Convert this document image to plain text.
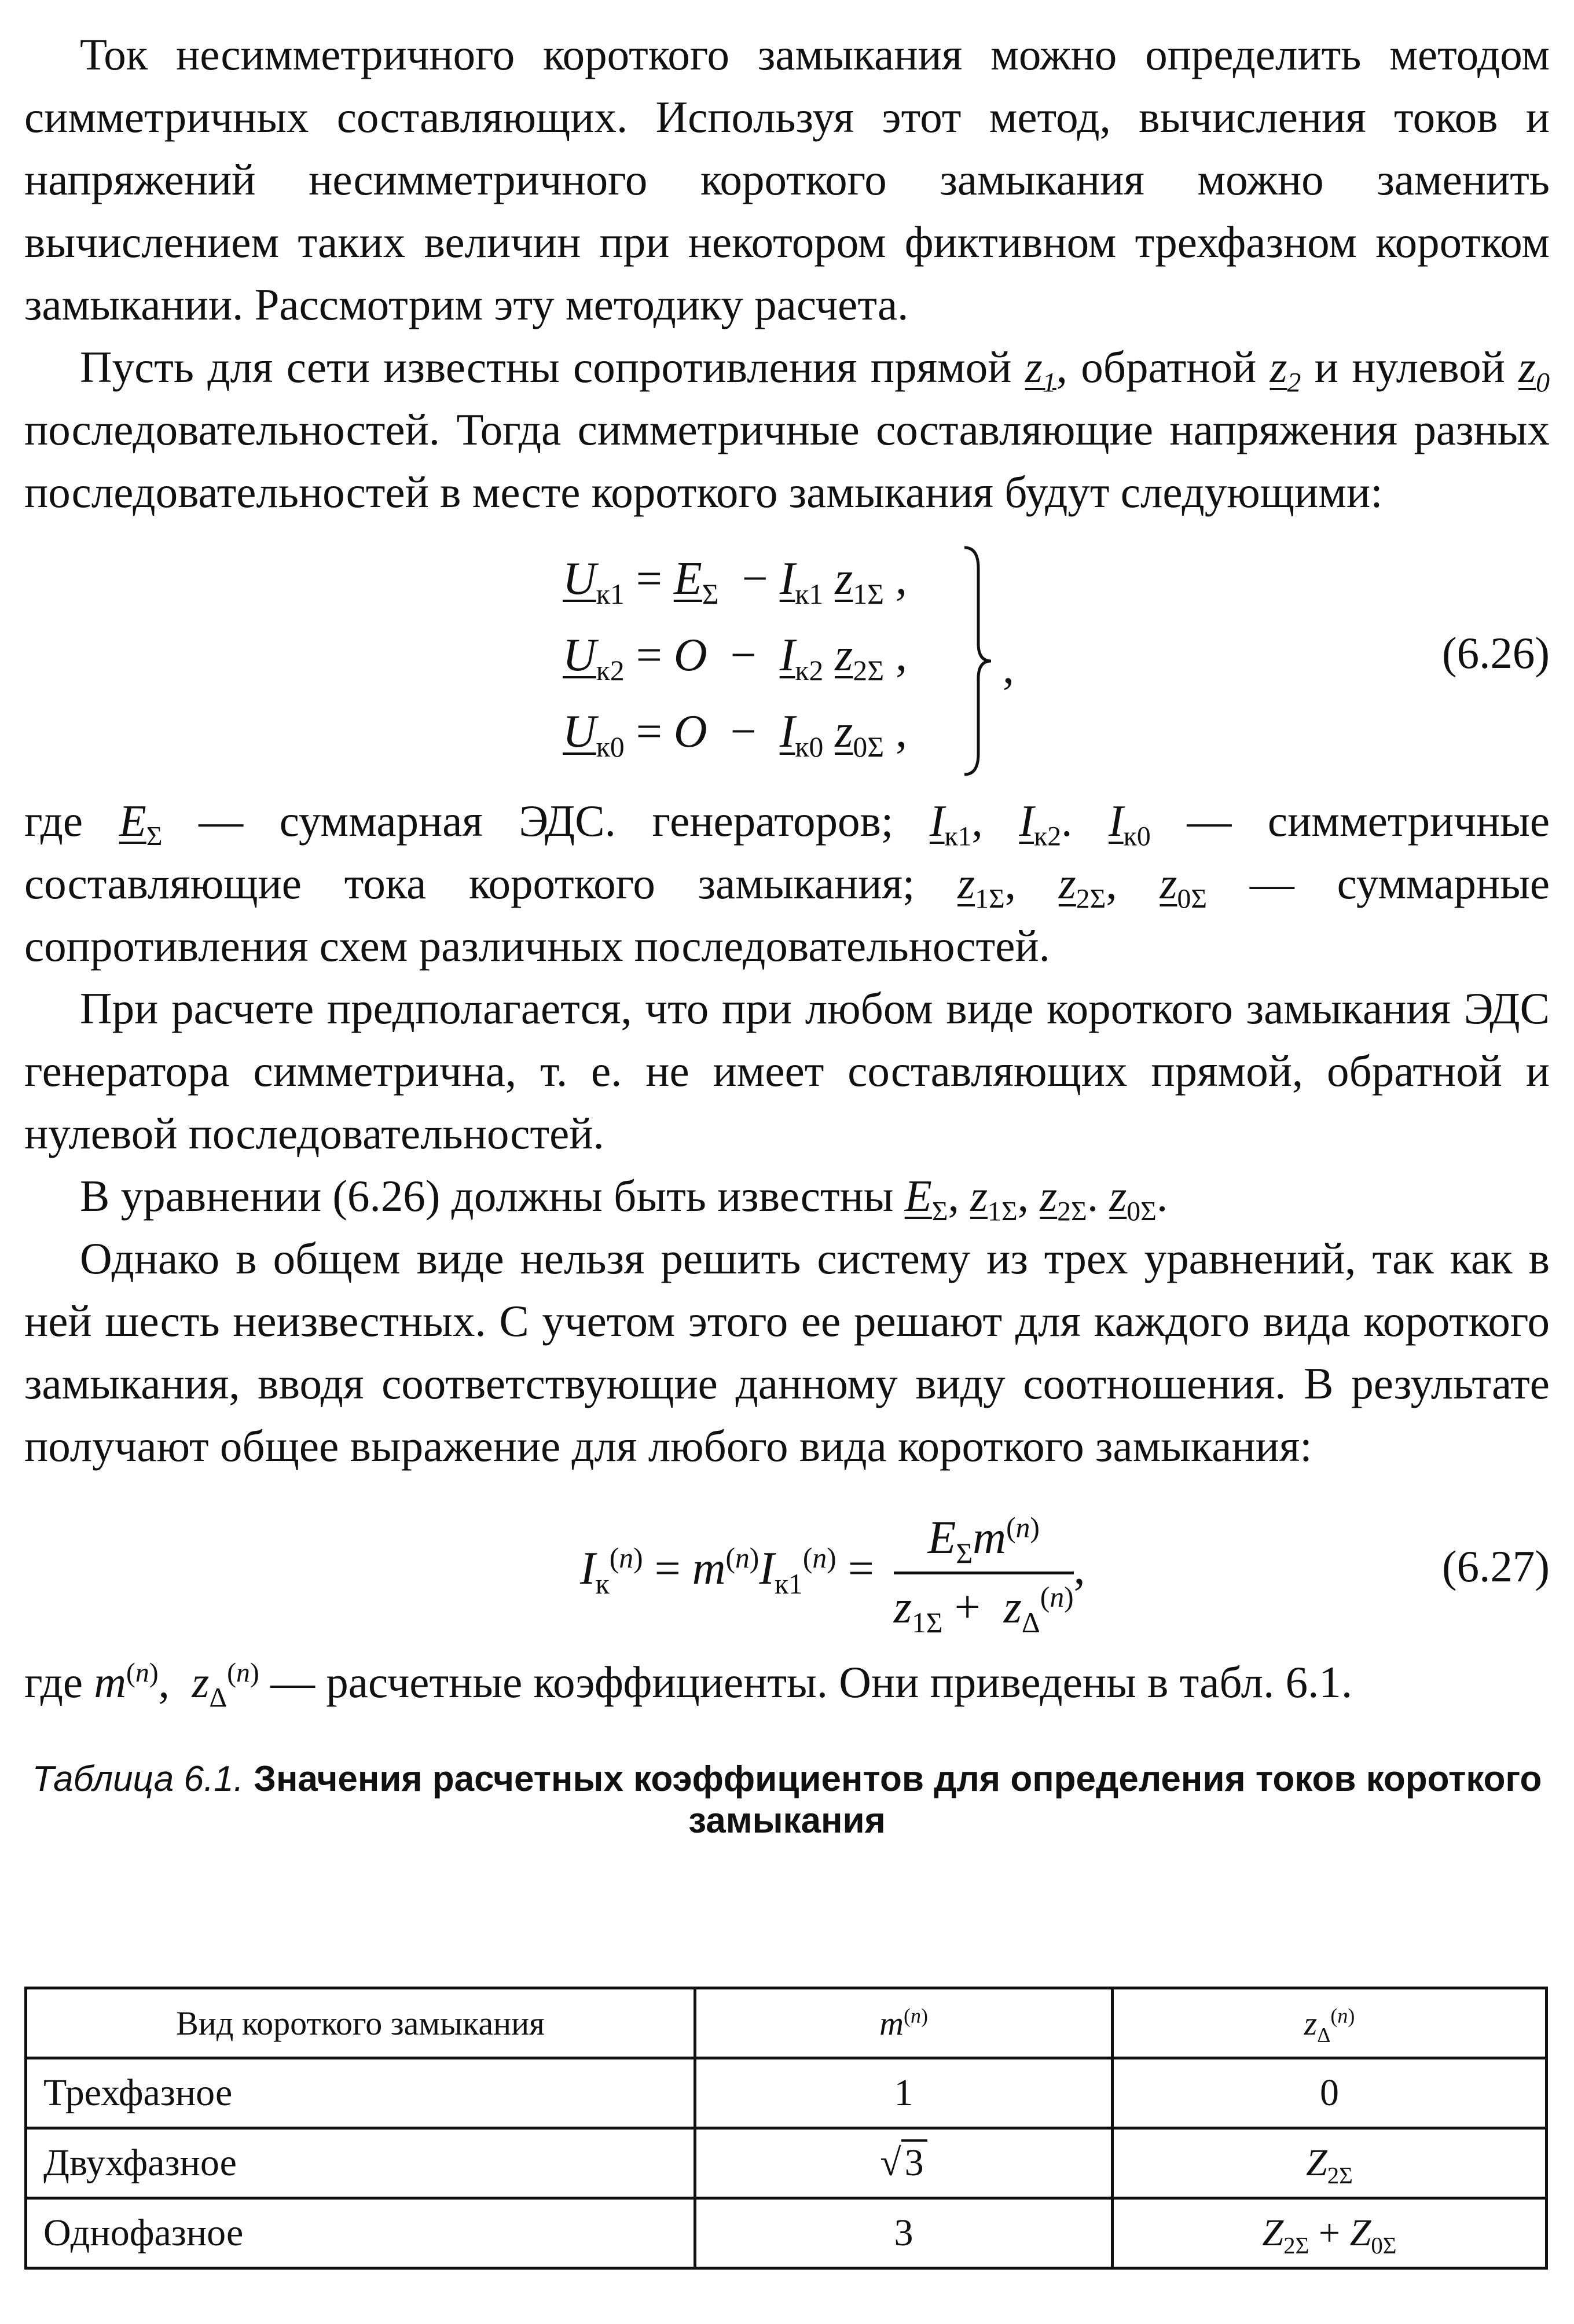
Ток несимметричного короткого замыкания можно определить методом симметричных составляющих. Используя этот метод, вычисления токов и напряжений несимметричного короткого замыкания можно заменить вычислением таких величин при некотором фиктивном трехфазном коротком замыкании. Рассмотрим эту методику расчета.

Пусть для сети известны сопротивления прямой $z_1$, обратной $z_2$ и нулевой $z_0$ последовательностей. Тогда симметричные составляющие напряжения разных последовательностей в месте короткого замыкания будут следующими:

$U_{к1} = E_\Sigma - I_{к1}$ $z_{1\Sigma}$ ,
$U_{к2} = O - I_{к2}$ $z_{2\Sigma}$ ,
$U_{к0} = O - I_{к0}$ $z_{0\Sigma}$ ,
,	(6.26)

где $E_\Sigma$ — суммарная ЭДС. генераторов; $I_{к1}$, $I_{к2}$. $I_{к0}$ — симметричные составляющие тока короткого замыкания; $z_{1\Sigma}$, $z_{2\Sigma}$, $z_{0\Sigma}$ — суммарные сопротивления схем различных последовательностей.

При расчете предполагается, что при любом виде короткого замыкания ЭДС генератора симметрична, т. е. не имеет составляющих прямой, обратной и нулевой последовательностей.

В уравнении (6.26) должны быть известны $E_\Sigma$, $z_{1\Sigma}$, $z_{2\Sigma}$. $z_{0\Sigma}$.

Однако в общем виде нельзя решить систему из трех уравнений, так как в ней шесть неизвестных. С учетом этого ее решают для каждого вида короткого замыкания, вводя соответствующие данному виду соотношения. В результате получают общее выражение для любого вида короткого замыкания:

$I_к^{(n)} = m^{(n)}I_{к1}^{(n)} = \frac{E_\Sigma m^{(n)}}{z_{1\Sigma} + z_\Delta^{(n)}}$ ,	(6.27)

где $m^{(n)}$,  $z_\Delta^{(n)}$ — расчетные коэффициенты. Они приведены в табл. 6.1.

Таблица 6.1. Значения расчетных коэффициентов для определения токов короткого замыкания
Вид короткого замыкания	$m^{(n)}$	$z_\Delta^{(n)}$
Трехфазное	1	0
Двухфазное	√3	$Z_{2\Sigma}$
Однофазное	3	$Z_{2\Sigma} + Z_{0\Sigma}$
